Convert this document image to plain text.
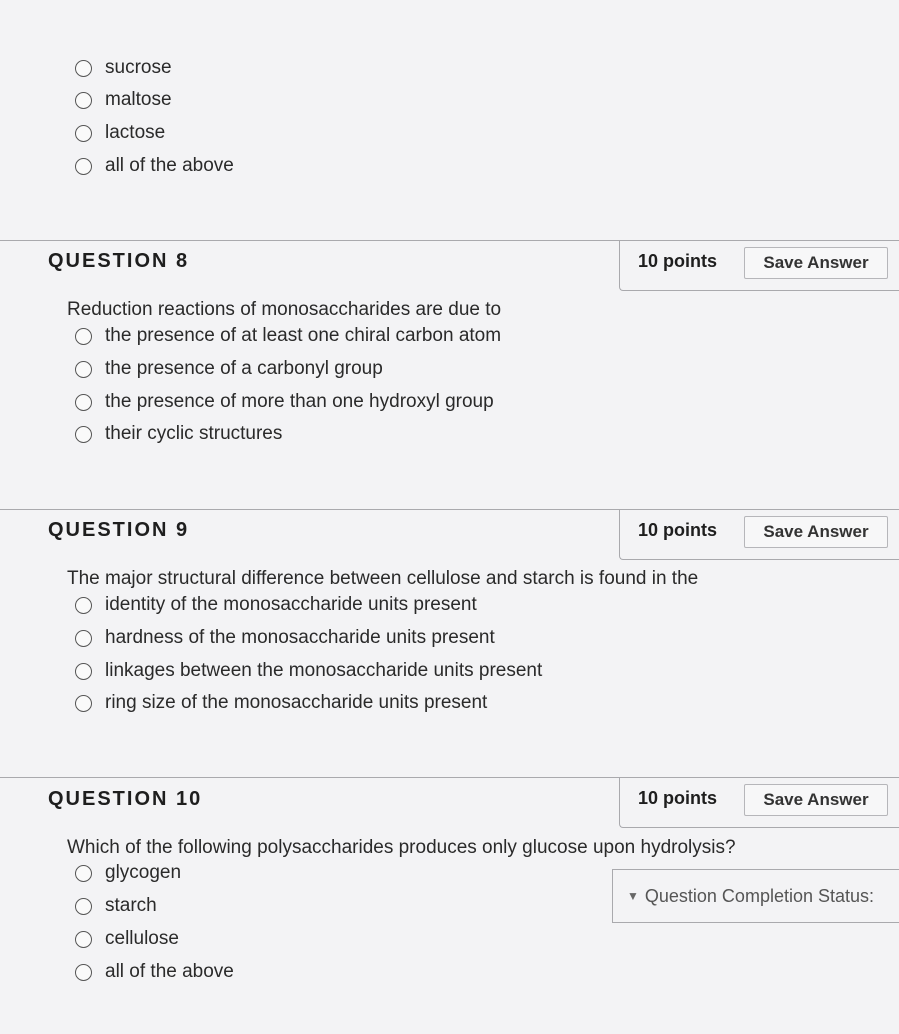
sucrose
maltose
lactose
all of the above
QUESTION 8	10 points	Save Answer
Reduction reactions of monosaccharides are due to
the presence of at least one chiral carbon atom
the presence of a carbonyl group
the presence of more than one hydroxyl group
their cyclic structures
QUESTION 9	10 points	Save Answer
The major structural difference between cellulose and starch is found in the
identity of the monosaccharide units present
hardness of the monosaccharide units present
linkages between the monosaccharide units present
ring size of the monosaccharide units present
QUESTION 10	10 points	Save Answer
Which of the following polysaccharides produces only glucose upon hydrolysis?
glycogen
starch
cellulose
all of the above
▼ Question Completion Status:
